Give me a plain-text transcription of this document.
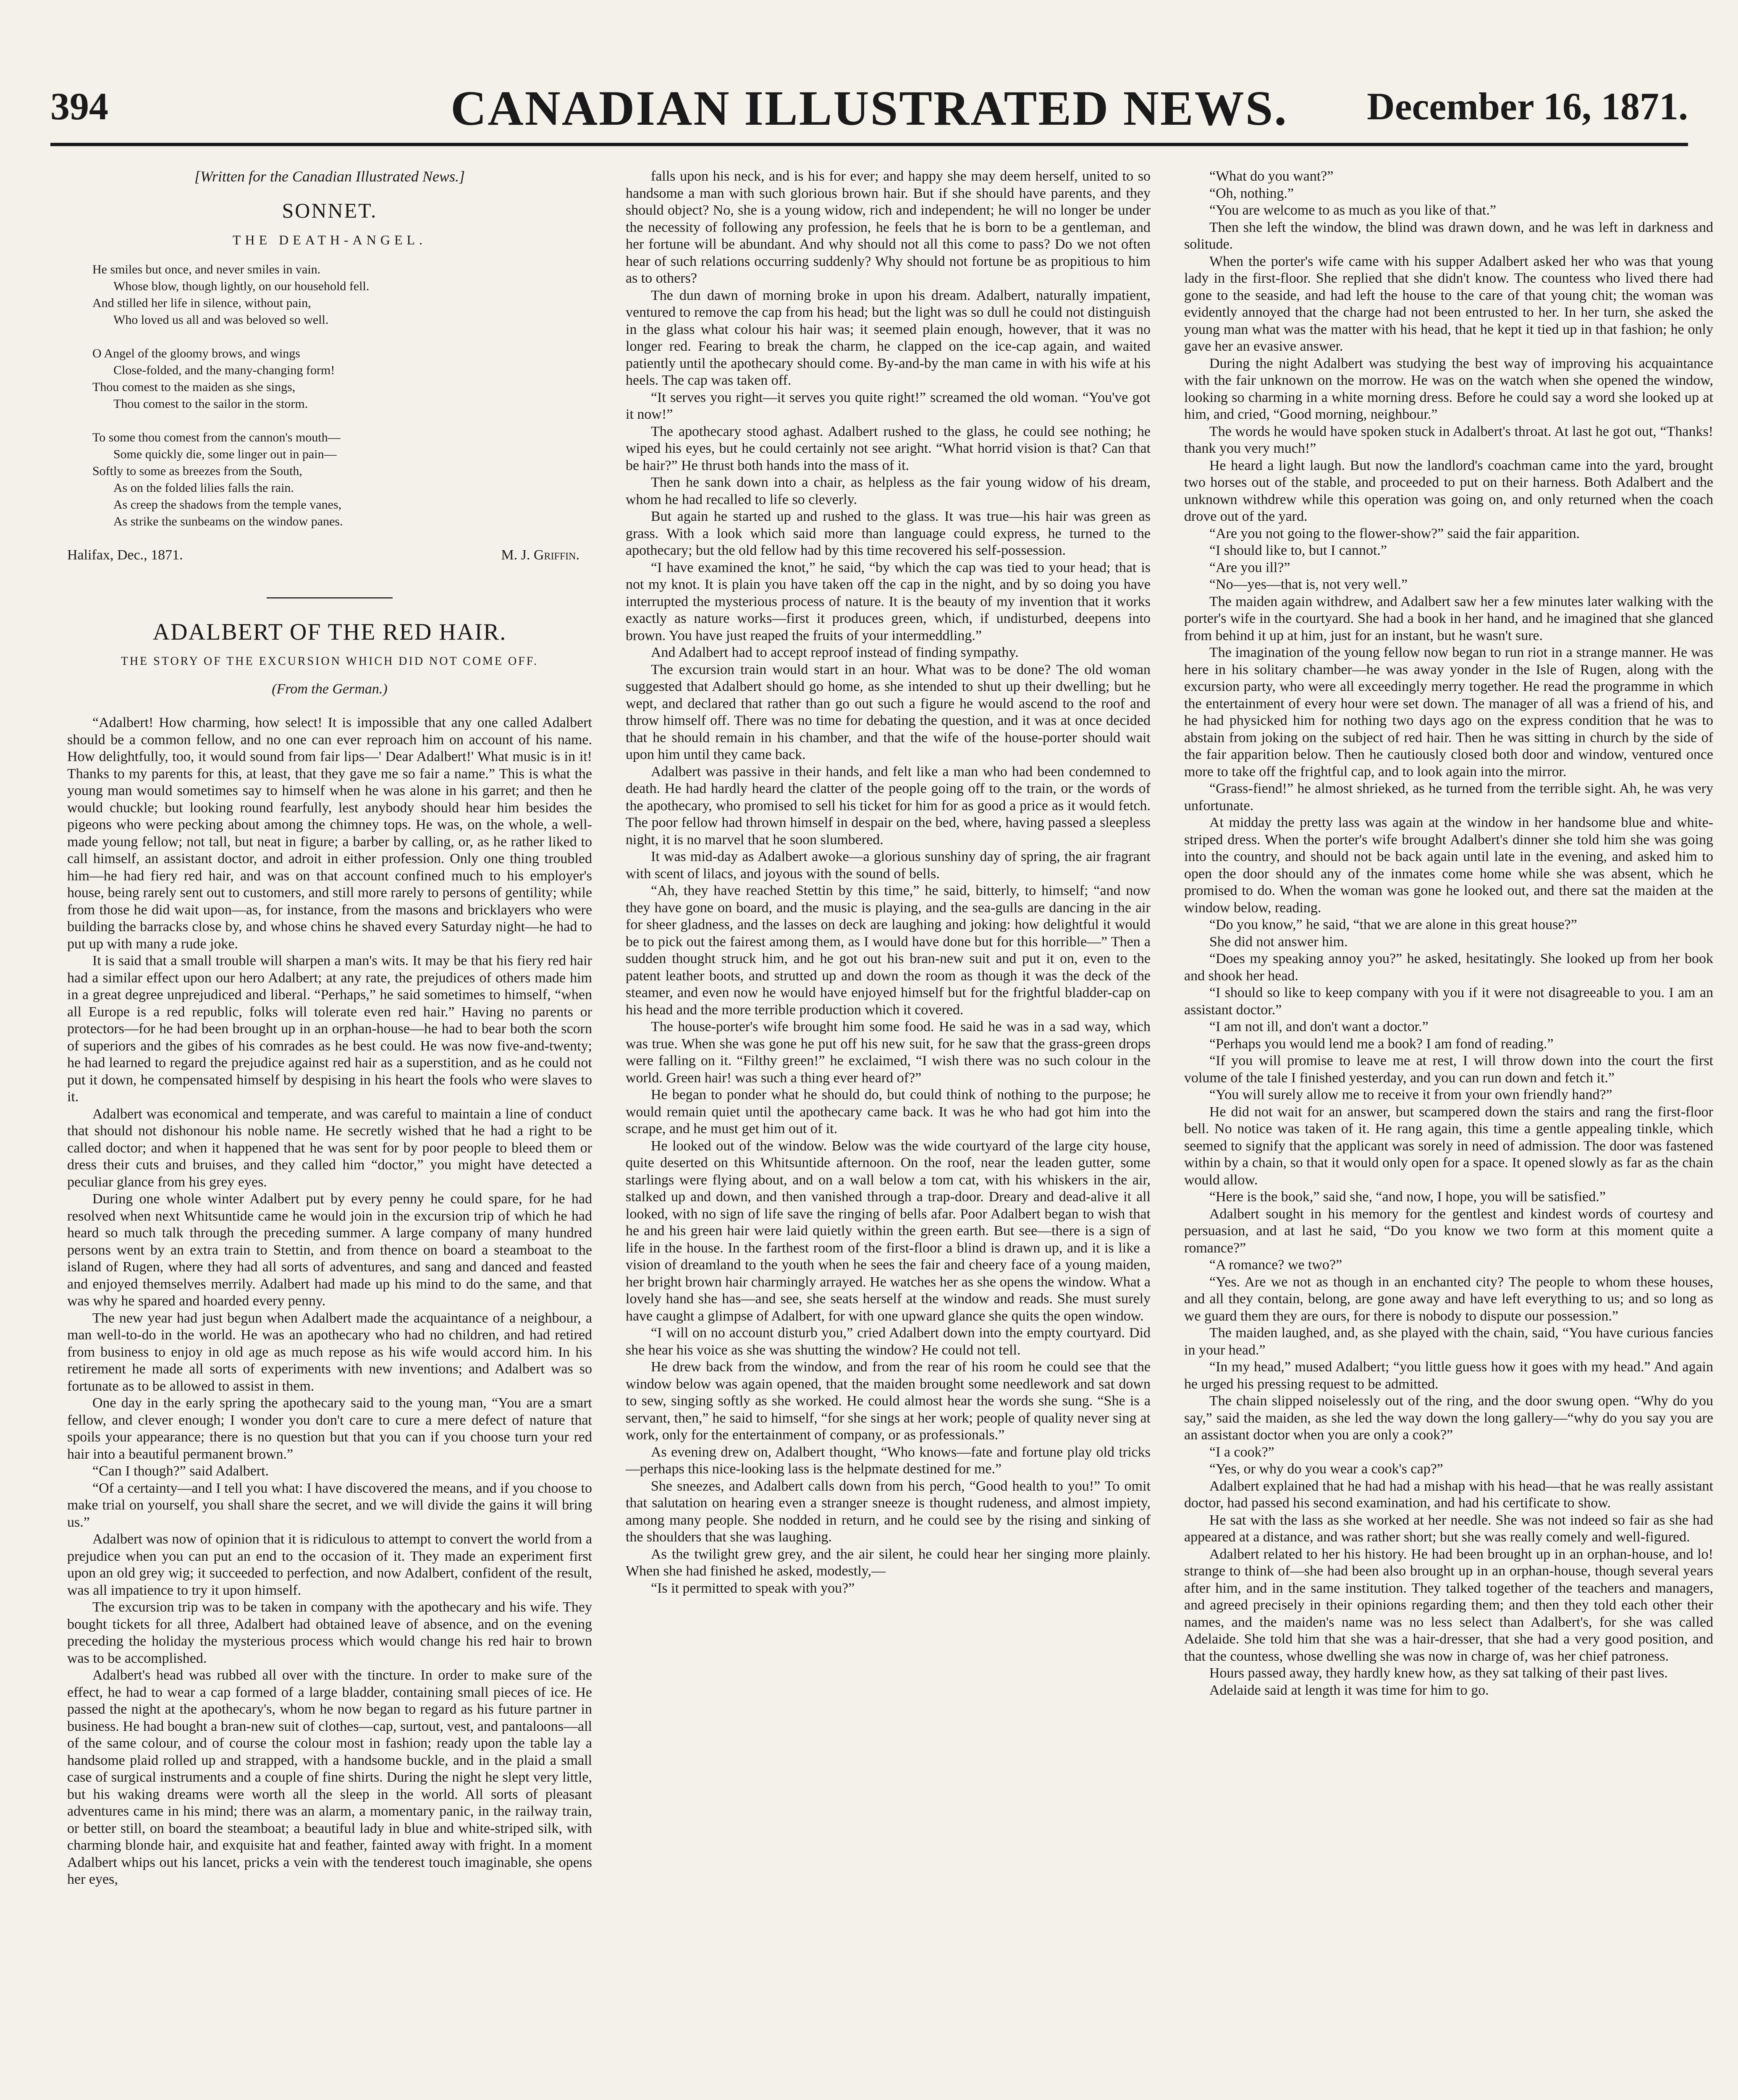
394	CANADIAN ILLUSTRATED NEWS.	December 16, 1871.
[Written for the Canadian Illustrated News.]
SONNET.
THE DEATH-ANGEL.
He smiles but once, and never smiles in vain.
Whose blow, though lightly, on our household fell.
And stilled her life in silence, without pain,
Who loved us all and was beloved so well.
O Angel of the gloomy brows, and wings
Close-folded, and the many-changing form!
Thou comest to the maiden as she sings,
Thou comest to the sailor in the storm.
To some thou comest from the cannon's mouth—
Some quickly die, some linger out in pain—
Softly to some as breezes from the South,
As on the folded lilies falls the rain.
As creep the shadows from the temple vanes,
As strike the sunbeams on the window panes.
Halifax, Dec., 1871.	M. J. Griffin.
ADALBERT OF THE RED HAIR.
THE STORY OF THE EXCURSION WHICH DID NOT COME OFF.
(From the German.)

“Adalbert! How charming, how select! It is impossible that any one called Adalbert should be a common fellow, and no one can ever reproach him on account of his name. How delightfully, too, it would sound from fair lips—' Dear Adalbert!' What music is in it! Thanks to my parents for this, at least, that they gave me so fair a name.” This is what the young man would sometimes say to himself when he was alone in his garret; and then he would chuckle; but looking round fearfully, lest anybody should hear him besides the pigeons who were pecking about among the chimney tops. He was, on the whole, a well-made young fellow; not tall, but neat in figure; a barber by calling, or, as he rather liked to call himself, an assistant doctor, and adroit in either profession. Only one thing troubled him—he had fiery red hair, and was on that account confined much to his employer's house, being rarely sent out to customers, and still more rarely to persons of gentility; while from those he did wait upon—as, for instance, from the masons and bricklayers who were building the barracks close by, and whose chins he shaved every Saturday night—he had to put up with many a rude joke.

It is said that a small trouble will sharpen a man's wits. It may be that his fiery red hair had a similar effect upon our hero Adalbert; at any rate, the prejudices of others made him in a great degree unprejudiced and liberal. “Perhaps,” he said sometimes to himself, “when all Europe is a red republic, folks will tolerate even red hair.” Having no parents or protectors—for he had been brought up in an orphan-house—he had to bear both the scorn of superiors and the gibes of his comrades as he best could. He was now five-and-twenty; he had learned to regard the prejudice against red hair as a superstition, and as he could not put it down, he compensated himself by despising in his heart the fools who were slaves to it.

Adalbert was economical and temperate, and was careful to maintain a line of conduct that should not dishonour his noble name. He secretly wished that he had a right to be called doctor; and when it happened that he was sent for by poor people to bleed them or dress their cuts and bruises, and they called him “doctor,” you might have detected a peculiar glance from his grey eyes.

During one whole winter Adalbert put by every penny he could spare, for he had resolved when next Whitsuntide came he would join in the excursion trip of which he had heard so much talk through the preceding summer. A large company of many hundred persons went by an extra train to Stettin, and from thence on board a steamboat to the island of Rugen, where they had all sorts of adventures, and sang and danced and feasted and enjoyed themselves merrily. Adalbert had made up his mind to do the same, and that was why he spared and hoarded every penny.

The new year had just begun when Adalbert made the acquaintance of a neighbour, a man well-to-do in the world. He was an apothecary who had no children, and had retired from business to enjoy in old age as much repose as his wife would accord him. In his retirement he made all sorts of experiments with new inventions; and Adalbert was so fortunate as to be allowed to assist in them.

One day in the early spring the apothecary said to the young man, “You are a smart fellow, and clever enough; I wonder you don't care to cure a mere defect of nature that spoils your appearance; there is no question but that you can if you choose turn your red hair into a beautiful permanent brown.”

“Can I though?” said Adalbert.

“Of a certainty—and I tell you what: I have discovered the means, and if you choose to make trial on yourself, you shall share the secret, and we will divide the gains it will bring us.”

Adalbert was now of opinion that it is ridiculous to attempt to convert the world from a prejudice when you can put an end to the occasion of it. They made an experiment first upon an old grey wig; it succeeded to perfection, and now Adalbert, confident of the result, was all impatience to try it upon himself.

The excursion trip was to be taken in company with the apothecary and his wife. They bought tickets for all three, Adalbert had obtained leave of absence, and on the evening preceding the holiday the mysterious process which would change his red hair to brown was to be accomplished.

Adalbert's head was rubbed all over with the tincture. In order to make sure of the effect, he had to wear a cap formed of a large bladder, containing small pieces of ice. He passed the night at the apothecary's, whom he now began to regard as his future partner in business. He had bought a bran-new suit of clothes—cap, surtout, vest, and pantaloons—all of the same colour, and of course the colour most in fashion; ready upon the table lay a handsome plaid rolled up and strapped, with a handsome buckle, and in the plaid a small case of surgical instruments and a couple of fine shirts. During the night he slept very little, but his waking dreams were worth all the sleep in the world. All sorts of pleasant adventures came in his mind; there was an alarm, a momentary panic, in the railway train, or better still, on board the steamboat; a beautiful lady in blue and white-striped silk, with charming blonde hair, and exquisite hat and feather, fainted away with fright. In a moment Adalbert whips out his lancet, pricks a vein with the tenderest touch imaginable, she opens her eyes,

falls upon his neck, and is his for ever; and happy she may deem herself, united to so handsome a man with such glorious brown hair. But if she should have parents, and they should object? No, she is a young widow, rich and independent; he will no longer be under the necessity of following any profession, he feels that he is born to be a gentleman, and her fortune will be abundant. And why should not all this come to pass? Do we not often hear of such relations occurring suddenly? Why should not fortune be as propitious to him as to others?

The dun dawn of morning broke in upon his dream. Adalbert, naturally impatient, ventured to remove the cap from his head; but the light was so dull he could not distinguish in the glass what colour his hair was; it seemed plain enough, however, that it was no longer red. Fearing to break the charm, he clapped on the ice-cap again, and waited patiently until the apothecary should come. By-and-by the man came in with his wife at his heels. The cap was taken off.

“It serves you right—it serves you quite right!” screamed the old woman. “You've got it now!”

The apothecary stood aghast. Adalbert rushed to the glass, he could see nothing; he wiped his eyes, but he could certainly not see aright. “What horrid vision is that? Can that be hair?” He thrust both hands into the mass of it.

Then he sank down into a chair, as helpless as the fair young widow of his dream, whom he had recalled to life so cleverly.

But again he started up and rushed to the glass. It was true—his hair was green as grass. With a look which said more than language could express, he turned to the apothecary; but the old fellow had by this time recovered his self-possession.

“I have examined the knot,” he said, “by which the cap was tied to your head; that is not my knot. It is plain you have taken off the cap in the night, and by so doing you have interrupted the mysterious process of nature. It is the beauty of my invention that it works exactly as nature works—first it produces green, which, if undisturbed, deepens into brown. You have just reaped the fruits of your intermeddling.”

And Adalbert had to accept reproof instead of finding sympathy.

The excursion train would start in an hour. What was to be done? The old woman suggested that Adalbert should go home, as she intended to shut up their dwelling; but he wept, and declared that rather than go out such a figure he would ascend to the roof and throw himself off. There was no time for debating the question, and it was at once decided that he should remain in his chamber, and that the wife of the house-porter should wait upon him until they came back.

Adalbert was passive in their hands, and felt like a man who had been condemned to death. He had hardly heard the clatter of the people going off to the train, or the words of the apothecary, who promised to sell his ticket for him for as good a price as it would fetch. The poor fellow had thrown himself in despair on the bed, where, having passed a sleepless night, it is no marvel that he soon slumbered.

It was mid-day as Adalbert awoke—a glorious sunshiny day of spring, the air fragrant with scent of lilacs, and joyous with the sound of bells.

“Ah, they have reached Stettin by this time,” he said, bitterly, to himself; “and now they have gone on board, and the music is playing, and the sea-gulls are dancing in the air for sheer gladness, and the lasses on deck are laughing and joking: how delightful it would be to pick out the fairest among them, as I would have done but for this horrible—” Then a sudden thought struck him, and he got out his bran-new suit and put it on, even to the patent leather boots, and strutted up and down the room as though it was the deck of the steamer, and even now he would have enjoyed himself but for the frightful bladder-cap on his head and the more terrible production which it covered.

The house-porter's wife brought him some food. He said he was in a sad way, which was true. When she was gone he put off his new suit, for he saw that the grass-green drops were falling on it. “Filthy green!” he exclaimed, “I wish there was no such colour in the world. Green hair! was such a thing ever heard of?”

He began to ponder what he should do, but could think of nothing to the purpose; he would remain quiet until the apothecary came back. It was he who had got him into the scrape, and he must get him out of it.

He looked out of the window. Below was the wide courtyard of the large city house, quite deserted on this Whitsuntide afternoon. On the roof, near the leaden gutter, some starlings were flying about, and on a wall below a tom cat, with his whiskers in the air, stalked up and down, and then vanished through a trap-door. Dreary and dead-alive it all looked, with no sign of life save the ringing of bells afar. Poor Adalbert began to wish that he and his green hair were laid quietly within the green earth. But see—there is a sign of life in the house. In the farthest room of the first-floor a blind is drawn up, and it is like a vision of dreamland to the youth when he sees the fair and cheery face of a young maiden, her bright brown hair charmingly arrayed. He watches her as she opens the window. What a lovely hand she has—and see, she seats herself at the window and reads. She must surely have caught a glimpse of Adalbert, for with one upward glance she quits the open window.

“I will on no account disturb you,” cried Adalbert down into the empty courtyard. Did she hear his voice as she was shutting the window? He could not tell.

He drew back from the window, and from the rear of his room he could see that the window below was again opened, that the maiden brought some needlework and sat down to sew, singing softly as she worked. He could almost hear the words she sung. “She is a servant, then,” he said to himself, “for she sings at her work; people of quality never sing at work, only for the entertainment of company, or as professionals.”

As evening drew on, Adalbert thought, “Who knows—fate and fortune play old tricks—perhaps this nice-looking lass is the helpmate destined for me.”

She sneezes, and Adalbert calls down from his perch, “Good health to you!” To omit that salutation on hearing even a stranger sneeze is thought rudeness, and almost impiety, among many people. She nodded in return, and he could see by the rising and sinking of the shoulders that she was laughing.

As the twilight grew grey, and the air silent, he could hear her singing more plainly. When she had finished he asked, modestly,—

“Is it permitted to speak with you?”

“What do you want?”

“Oh, nothing.”

“You are welcome to as much as you like of that.”

Then she left the window, the blind was drawn down, and he was left in darkness and solitude.

When the porter's wife came with his supper Adalbert asked her who was that young lady in the first-floor. She replied that she didn't know. The countess who lived there had gone to the seaside, and had left the house to the care of that young chit; the woman was evidently annoyed that the charge had not been entrusted to her. In her turn, she asked the young man what was the matter with his head, that he kept it tied up in that fashion; he only gave her an evasive answer.

During the night Adalbert was studying the best way of improving his acquaintance with the fair unknown on the morrow. He was on the watch when she opened the window, looking so charming in a white morning dress. Before he could say a word she looked up at him, and cried, “Good morning, neighbour.”

The words he would have spoken stuck in Adalbert's throat. At last he got out, “Thanks! thank you very much!”

He heard a light laugh. But now the landlord's coachman came into the yard, brought two horses out of the stable, and proceeded to put on their harness. Both Adalbert and the unknown withdrew while this operation was going on, and only returned when the coach drove out of the yard.

“Are you not going to the flower-show?” said the fair apparition.

“I should like to, but I cannot.”

“Are you ill?”

“No—yes—that is, not very well.”

The maiden again withdrew, and Adalbert saw her a few minutes later walking with the porter's wife in the courtyard. She had a book in her hand, and he imagined that she glanced from behind it up at him, just for an instant, but he wasn't sure.

The imagination of the young fellow now began to run riot in a strange manner. He was here in his solitary chamber—he was away yonder in the Isle of Rugen, along with the excursion party, who were all exceedingly merry together. He read the programme in which the entertainment of every hour were set down. The manager of all was a friend of his, and he had physicked him for nothing two days ago on the express condition that he was to abstain from joking on the subject of red hair. Then he was sitting in church by the side of the fair apparition below. Then he cautiously closed both door and window, ventured once more to take off the frightful cap, and to look again into the mirror.

“Grass-fiend!” he almost shrieked, as he turned from the terrible sight. Ah, he was very unfortunate.

At midday the pretty lass was again at the window in her handsome blue and white-striped dress. When the porter's wife brought Adalbert's dinner she told him she was going into the country, and should not be back again until late in the evening, and asked him to open the door should any of the inmates come home while she was absent, which he promised to do. When the woman was gone he looked out, and there sat the maiden at the window below, reading.

“Do you know,” he said, “that we are alone in this great house?”

She did not answer him.

“Does my speaking annoy you?” he asked, hesitatingly. She looked up from her book and shook her head.

“I should so like to keep company with you if it were not disagreeable to you. I am an assistant doctor.”

“I am not ill, and don't want a doctor.”

“Perhaps you would lend me a book? I am fond of reading.”

“If you will promise to leave me at rest, I will throw down into the court the first volume of the tale I finished yesterday, and you can run down and fetch it.”

“You will surely allow me to receive it from your own friendly hand?”

He did not wait for an answer, but scampered down the stairs and rang the first-floor bell. No notice was taken of it. He rang again, this time a gentle appealing tinkle, which seemed to signify that the applicant was sorely in need of admission. The door was fastened within by a chain, so that it would only open for a space. It opened slowly as far as the chain would allow.

“Here is the book,” said she, “and now, I hope, you will be satisfied.”

Adalbert sought in his memory for the gentlest and kindest words of courtesy and persuasion, and at last he said, “Do you know we two form at this moment quite a romance?”

“A romance? we two?”

“Yes. Are we not as though in an enchanted city? The people to whom these houses, and all they contain, belong, are gone away and have left everything to us; and so long as we guard them they are ours, for there is nobody to dispute our possession.”

The maiden laughed, and, as she played with the chain, said, “You have curious fancies in your head.”

“In my head,” mused Adalbert; “you little guess how it goes with my head.” And again he urged his pressing request to be admitted.

The chain slipped noiselessly out of the ring, and the door swung open. “Why do you say,” said the maiden, as she led the way down the long gallery—“why do you say you are an assistant doctor when you are only a cook?”

“I a cook?”

“Yes, or why do you wear a cook's cap?”

Adalbert explained that he had had a mishap with his head—that he was really assistant doctor, had passed his second examination, and had his certificate to show.

He sat with the lass as she worked at her needle. She was not indeed so fair as she had appeared at a distance, and was rather short; but she was really comely and well-figured.

Adalbert related to her his history. He had been brought up in an orphan-house, and lo! strange to think of—she had been also brought up in an orphan-house, though several years after him, and in the same institution. They talked together of the teachers and managers, and agreed precisely in their opinions regarding them; and then they told each other their names, and the maiden's name was no less select than Adalbert's, for she was called Adelaide. She told him that she was a hair-dresser, that she had a very good position, and that the countess, whose dwelling she was now in charge of, was her chief patroness.

Hours passed away, they hardly knew how, as they sat talking of their past lives.

Adelaide said at length it was time for him to go.
